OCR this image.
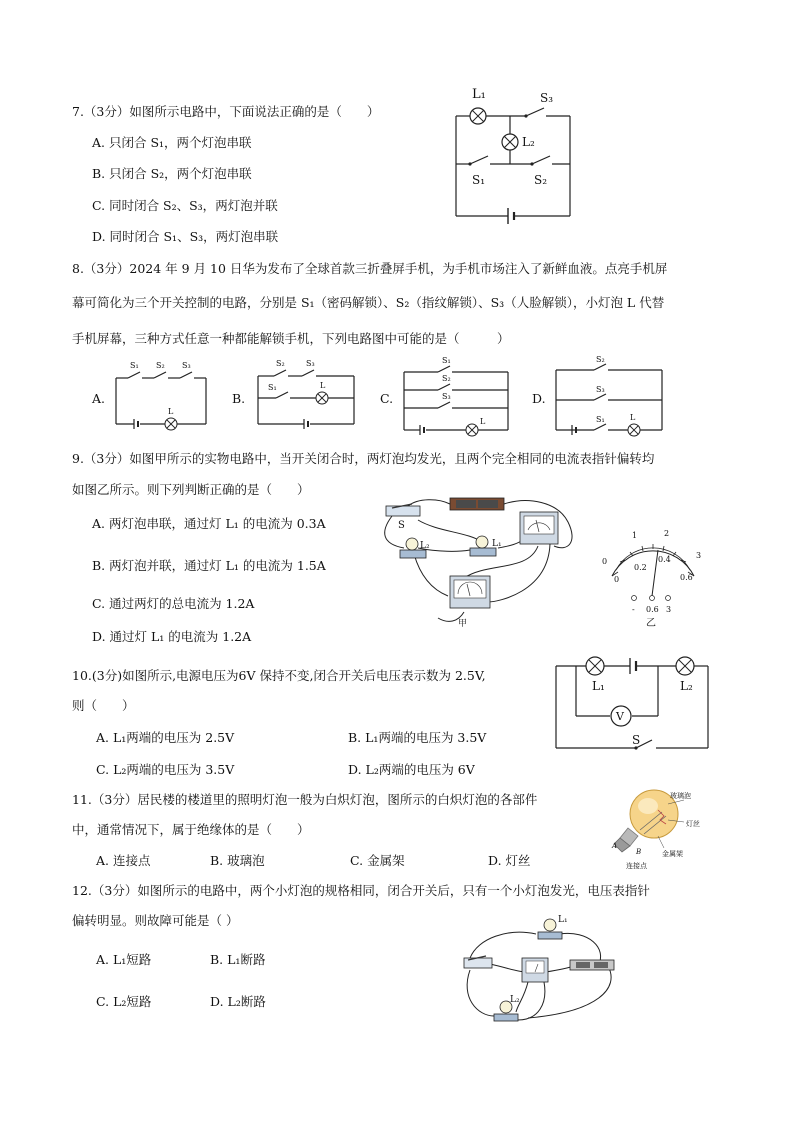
7.（3分）如图所示电路中，下面说法正确的是（　　）
A. 只闭合 S₁，两个灯泡串联
B. 只闭合 S₂，两个灯泡串联
C. 同时闭合 S₂、S₃，两灯泡并联
D. 同时闭合 S₁、S₃，两灯泡串联
L₁	S₃
L₂
S₁	S₂
8.（3分）2024 年 9 月 10 日华为发布了全球首款三折叠屏手机，为手机市场注入了新鲜血液。点亮手机屏
幕可简化为三个开关控制的电路，分别是 S₁（密码解锁）、S₂（指纹解锁）、S₃（人脸解锁），小灯泡 L 代替
手机屏幕，三种方式任意一种都能解锁手机，下列电路图中可能的是（　　　）
A.	B.	C.	D.
S₁ S₂ S₃
L
S₂	S₃
S₁	L
S₁
S₂
S₃
L
S₂
S₃
S₁	L
9.（3分）如图甲所示的实物电路中，当开关闭合时，两灯泡均发光，且两个完全相同的电流表指针偏转均
如图乙所示。则下列判断正确的是（　　）
A. 两灯泡串联，通过灯 L₁ 的电流为 0.3A
B. 两灯泡并联，通过灯 L₁ 的电流为 1.5A
C. 通过两灯的总电流为 1.2A
D. 通过灯 L₁ 的电流为 1.2A
S
L₂	L₁
甲
1	2
3
0
0
0.2
0.4
0.6
- 0.6 3
乙
10.(3分)如图所示,电源电压为6V 保持不变,闭合开关后电压表示数为 2.5V,
则（　　）
A. L₁两端的电压为 2.5V	B. L₁两端的电压为 3.5V
C. L₂两端的电压为 3.5V	D. L₂两端的电压为 6V
V
L₁	L₂
S
11.（3分）居民楼的楼道里的照明灯泡一般为白炽灯泡，图所示的白炽灯泡的各部件
中，通常情况下，属于绝缘体的是（　　）
A. 连接点	B. 玻璃泡	C. 金属架	D. 灯丝
玻璃泡
灯丝
金属架
连接点
A
B
12.（3分）如图所示的电路中，两个小灯泡的规格相同，闭合开关后，只有一个小灯泡发光，电压表指针
偏转明显。则故障可能是（ ）
A. L₁短路	B. L₁断路
C. L₂短路	D. L₂断路
L₁
L₂
